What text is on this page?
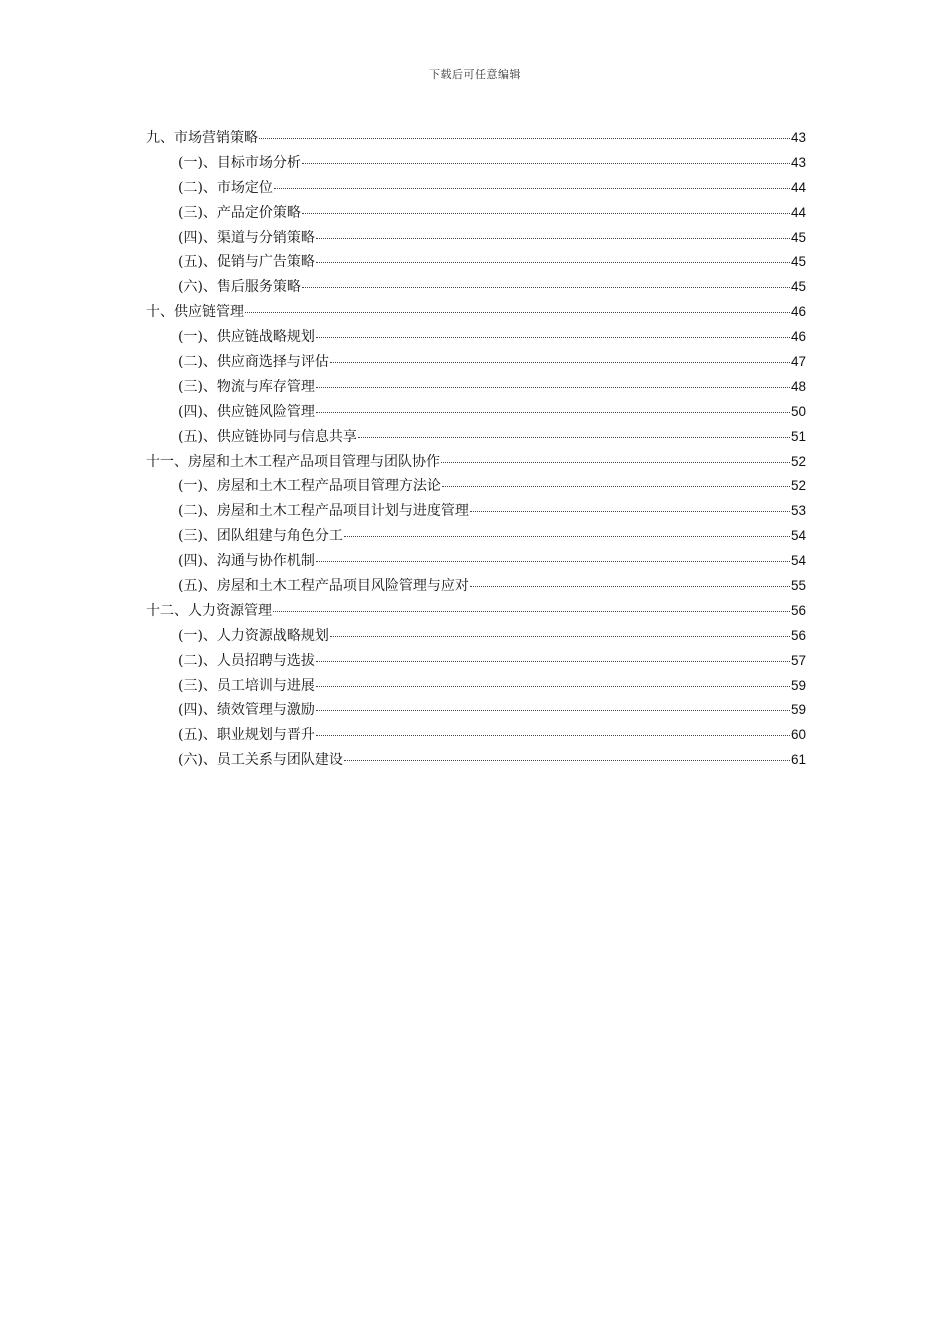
下载后可任意编辑
九、市场营销策略	43
(一)、目标市场分析	43
(二)、市场定位	44
(三)、产品定价策略	44
(四)、渠道与分销策略	45
(五)、促销与广告策略	45
(六)、售后服务策略	45
十、供应链管理	46
(一)、供应链战略规划	46
(二)、供应商选择与评估	47
(三)、物流与库存管理	48
(四)、供应链风险管理	50
(五)、供应链协同与信息共享	51
十一、房屋和土木工程产品项目管理与团队协作	52
(一)、房屋和土木工程产品项目管理方法论	52
(二)、房屋和土木工程产品项目计划与进度管理	53
(三)、团队组建与角色分工	54
(四)、沟通与协作机制	54
(五)、房屋和土木工程产品项目风险管理与应对	55
十二、人力资源管理	56
(一)、人力资源战略规划	56
(二)、人员招聘与选拔	57
(三)、员工培训与进展	59
(四)、绩效管理与激励	59
(五)、职业规划与晋升	60
(六)、员工关系与团队建设	61
